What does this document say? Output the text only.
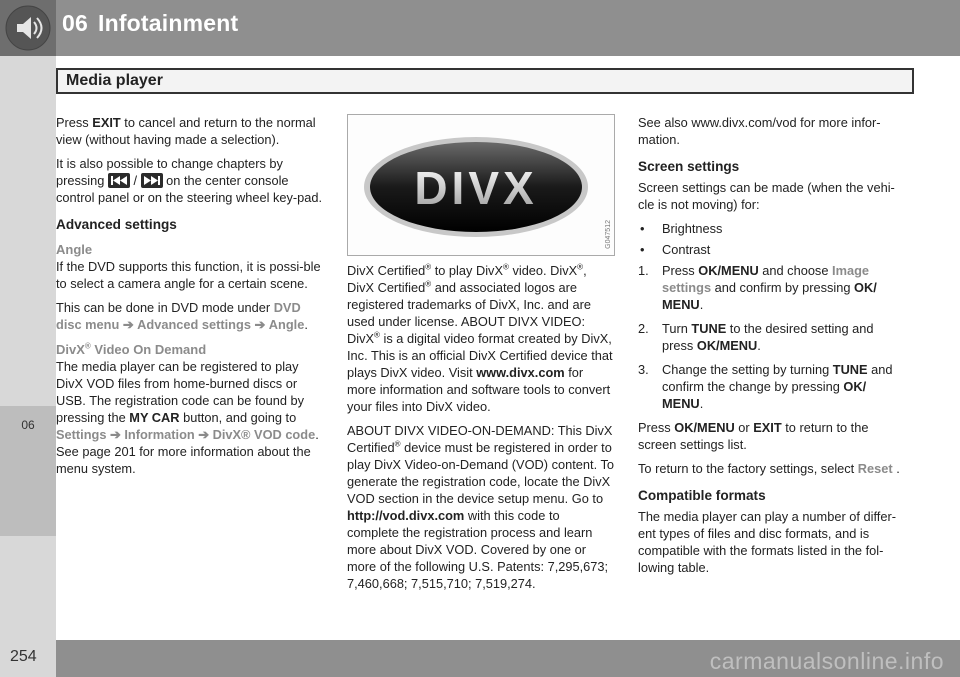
06 Infotainment
06
Media player

Press EXIT to cancel and return to the normal view (without having made a selection).

It is also possible to change chapters by pressing
/
on the center console control panel or on the steering wheel key-pad.

Advanced settings
Angle

If the DVD supports this function, it is possi-ble to select a camera angle for a certain scene.

This can be done in DVD mode under DVD disc menu ➔ Advanced settings ➔ Angle.

DivX® Video On Demand

The media player can be registered to play DivX VOD files from home-burned discs or USB. The registration code can be found by pressing the MY CAR button, and going to Settings ➔ Information ➔ DivX® VOD code. See page 201 for more information about the menu system.

DIVX
G047512

DivX Certified® to play DivX® video. DivX®, DivX Certified® and associated logos are registered trademarks of DivX, Inc. and are used under license. ABOUT DIVX VIDEO: DivX® is a digital video format created by DivX, Inc. This is an official DivX Certified device that plays DivX video. Visit www.divx.com for more information and software tools to convert your files into DivX video.

ABOUT DIVX VIDEO-ON-DEMAND: This DivX Certified® device must be registered in order to play DivX Video-on-Demand (VOD) content. To generate the registration code, locate the DivX VOD section in the device setup menu. Go to http://vod.divx.com with this code to complete the registration process and learn more about DivX VOD. Covered by one or more of the following U.S. Patents: 7,295,673; 7,460,668; 7,515,710; 7,519,274.

See also www.divx.com/vod for more infor-mation.

Screen settings

Screen settings can be made (when the vehi-cle is not moving) for:

• Brightness
• Contrast
1. Press OK/MENU and choose Image settings and confirm by pressing OK/ MENU.
2. Turn TUNE to the desired setting and press OK/MENU.
3. Change the setting by turning TUNE and confirm the change by pressing OK/ MENU.

Press OK/MENU or EXIT to return to the screen settings list.

To return to the factory settings, select Reset .

Compatible formats

The media player can play a number of differ-ent types of files and disc formats, and is compatible with the formats listed in the fol-lowing table.

254	carmanualsonline.info
